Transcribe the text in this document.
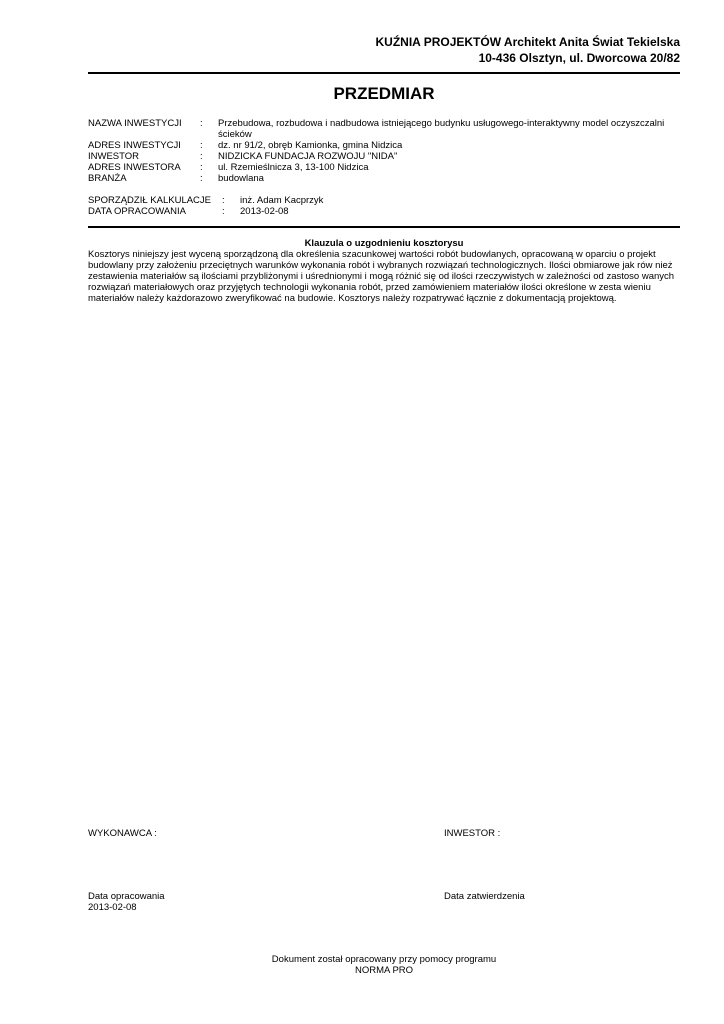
KUŹNIA PROJEKTÓW Architekt Anita Świat Tekielska
10-436 Olsztyn, ul. Dworcowa 20/82
PRZEDMIAR
NAZWA INWESTYCJI	:	Przebudowa, rozbudowa i nadbudowa istniejącego budynku usługowego-interaktywny model oczyszczalni ścieków
ADRES INWESTYCJI	:	dz. nr 91/2, obręb Kamionka, gmina Nidzica
INWESTOR	:	NIDZICKA FUNDACJA ROZWOJU "NIDA"
ADRES INWESTORA	:	ul. Rzemieślnicza 3, 13-100 Nidzica
BRANŻA	:	budowlana
SPORZĄDZIŁ KALKULACJE	:	inż. Adam Kacprzyk
DATA OPRACOWANIA	:	2013-02-08
Klauzula o uzgodnieniu kosztorysu
Kosztorys niniejszy jest wyceną sporządzoną dla określenia szacunkowej wartości robót budowlanych, opracowaną w oparciu o projekt budowlany przy założeniu przeciętnych warunków wykonania robót i wybranych rozwiązań technologicznych. Ilości obmiarowe jak rów nież zestawienia materiałów są ilościami przybliżonymi i uśrednionymi i mogą różnić się od ilości rzeczywistych w zależności od zastoso wanych rozwiązań materiałowych oraz przyjętych technologii wykonania robót, przed zamówieniem materiałów ilości określone w zesta wieniu materiałów należy każdorazowo zweryfikować na budowie. Kosztorys należy rozpatrywać łącznie z dokumentacją projektową.
WYKONAWCA :	INWESTOR :
Data opracowania
2013-02-08
Data zatwierdzenia
Dokument został opracowany przy pomocy programu
NORMA PRO
